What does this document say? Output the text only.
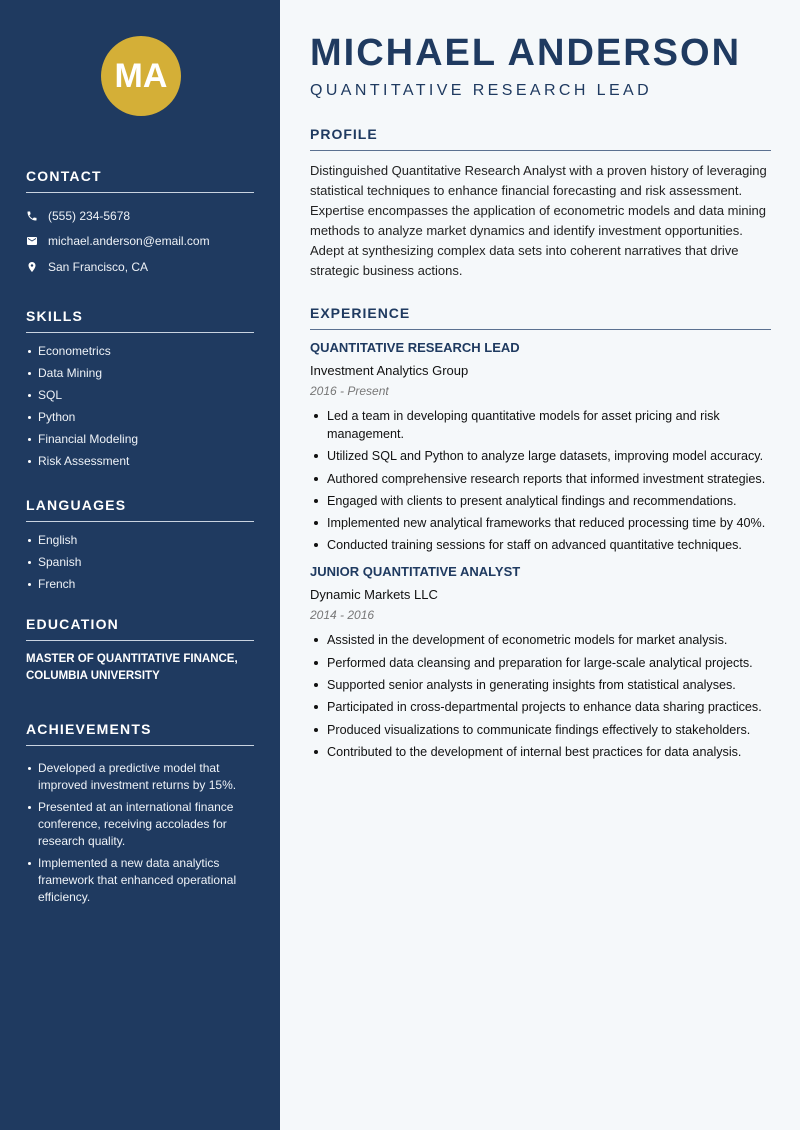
MA
CONTACT
(555) 234-5678
michael.anderson@email.com
San Francisco, CA
SKILLS
Econometrics
Data Mining
SQL
Python
Financial Modeling
Risk Assessment
LANGUAGES
English
Spanish
French
EDUCATION
MASTER OF QUANTITATIVE FINANCE, COLUMBIA UNIVERSITY
ACHIEVEMENTS
Developed a predictive model that improved investment returns by 15%.
Presented at an international finance conference, receiving accolades for research quality.
Implemented a new data analytics framework that enhanced operational efficiency.
MICHAEL ANDERSON
QUANTITATIVE RESEARCH LEAD
PROFILE
Distinguished Quantitative Research Analyst with a proven history of leveraging statistical techniques to enhance financial forecasting and risk assessment. Expertise encompasses the application of econometric models and data mining methods to analyze market dynamics and identify investment opportunities. Adept at synthesizing complex data sets into coherent narratives that drive strategic business actions.
EXPERIENCE
QUANTITATIVE RESEARCH LEAD
Investment Analytics Group
2016 - Present
Led a team in developing quantitative models for asset pricing and risk management.
Utilized SQL and Python to analyze large datasets, improving model accuracy.
Authored comprehensive research reports that informed investment strategies.
Engaged with clients to present analytical findings and recommendations.
Implemented new analytical frameworks that reduced processing time by 40%.
Conducted training sessions for staff on advanced quantitative techniques.
JUNIOR QUANTITATIVE ANALYST
Dynamic Markets LLC
2014 - 2016
Assisted in the development of econometric models for market analysis.
Performed data cleansing and preparation for large-scale analytical projects.
Supported senior analysts in generating insights from statistical analyses.
Participated in cross-departmental projects to enhance data sharing practices.
Produced visualizations to communicate findings effectively to stakeholders.
Contributed to the development of internal best practices for data analysis.
